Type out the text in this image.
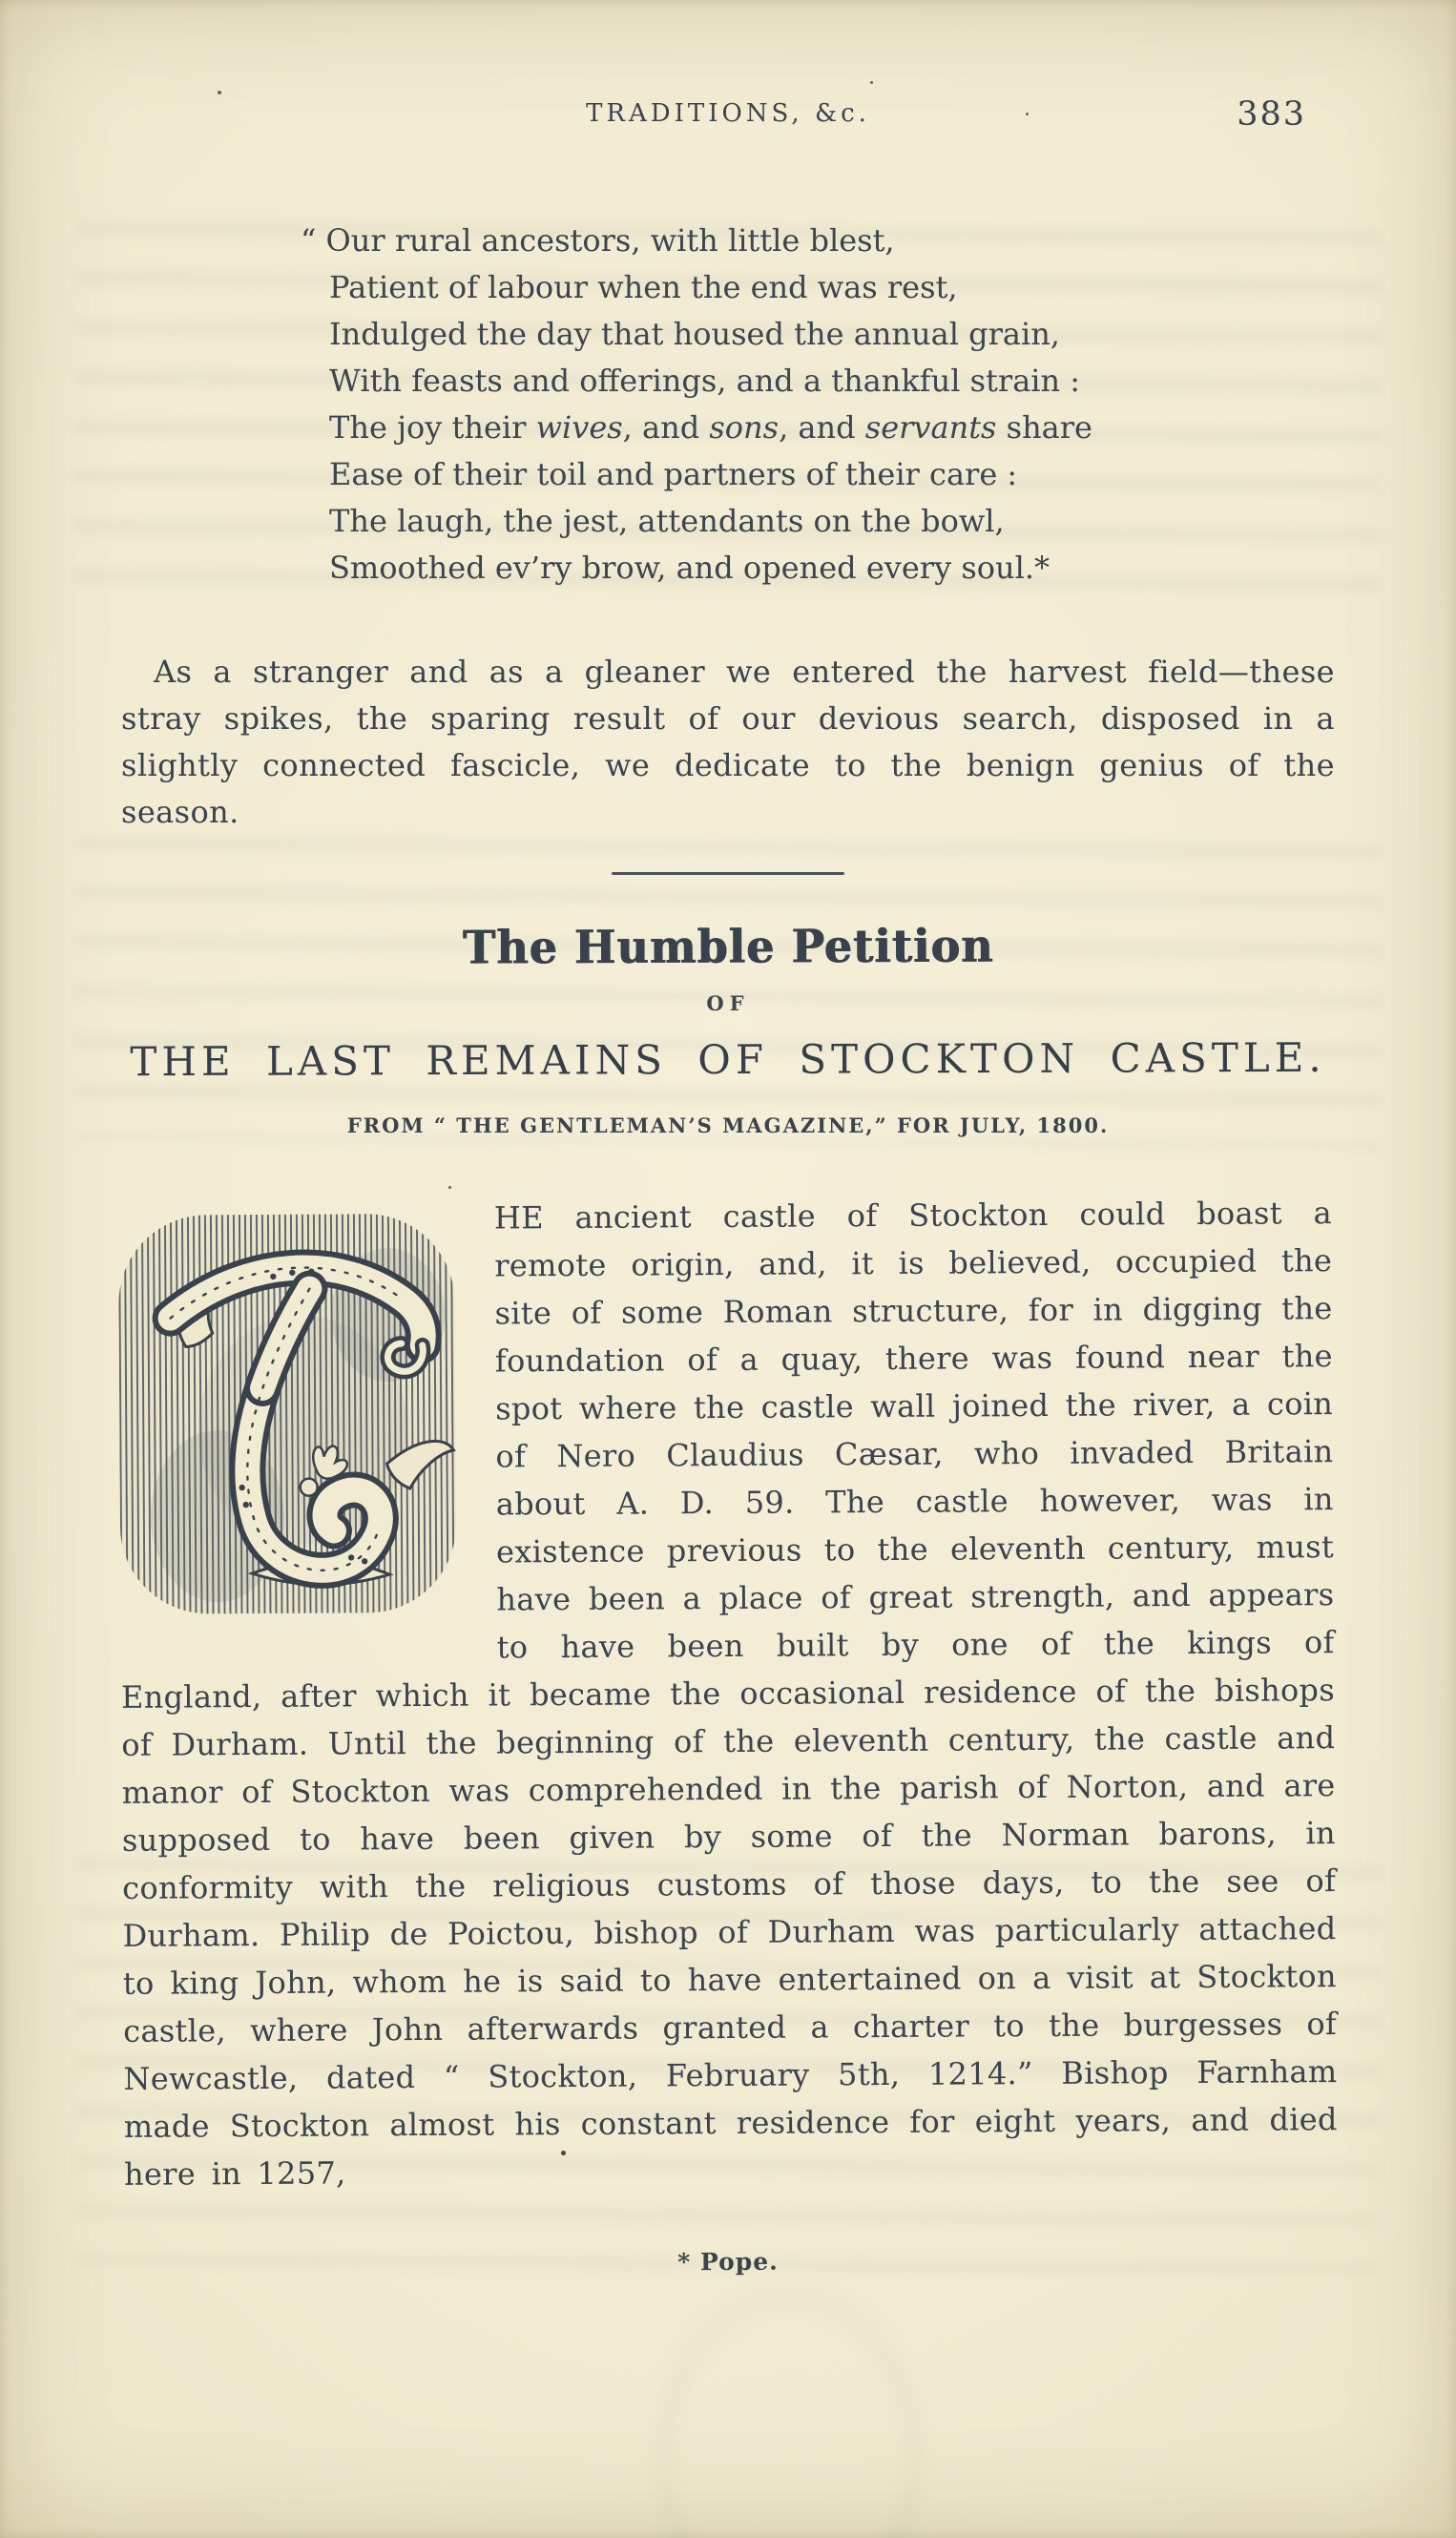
TRADITIONS, &c.	383
“ Our rural ancestors, with little blest,
Patient of labour when the end was rest,
Indulged the day that housed the annual grain,
With feasts and offerings, and a thankful strain :
The joy their wives, and sons, and servants share
Ease of their toil and partners of their care :
The laugh, the jest, attendants on the bowl,
Smoothed ev’ry brow, and opened every soul.*

As a stranger and as a gleaner we entered the harvest field—these stray spikes, the sparing result of our devious search, disposed in a slightly connected fascicle, we dedicate to the benign genius of the season.

The Humble Petition
OF
THE LAST REMAINS OF STOCKTON CASTLE.
FROM “ THE GENTLEMAN’S MAGAZINE,” FOR JULY, 1800.

HE ancient castle of Stockton could boast a remote origin, and, it is believed, occupied the site of some Roman structure, for in digging the foundation of a quay, there was found near the spot where the castle wall joined the river, a coin of Nero Claudius Cæsar, who invaded Britain about A. D. 59. The castle however, was in existence previous to the eleventh century, must have been a place of great strength, and appears to have been built by one of the kings of England, after which it became the occasional residence of the bishops of Durham. Until the beginning of the eleventh century, the castle and manor of Stockton was comprehended in the parish of Norton, and are supposed to have been given by some of the Norman barons, in conformity with the religious customs of those days, to the see of Durham. Philip de Poictou, bishop of Durham was particularly attached to king John, whom he is said to have entertained on a visit at Stockton castle, where John afterwards granted a charter to the burgesses of Newcastle, dated “ Stockton, February 5th, 1214.” Bishop Farnham made Stockton almost his constant residence for eight years, and died here in 1257,

* Pope.
